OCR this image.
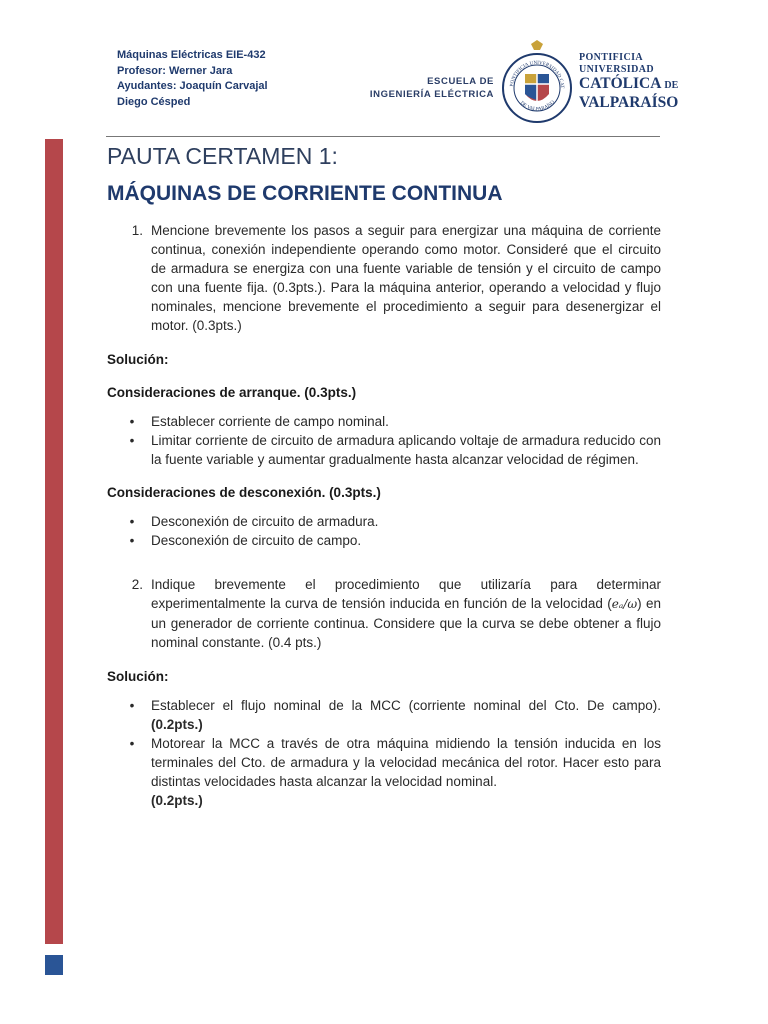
Máquinas Eléctricas EIE-432
Profesor: Werner Jara
Ayudantes: Joaquín Carvajal
Diego Césped
ESCUELA DE
INGENIERÍA ELÉCTRICA
PONTIFICIA UNIVERSIDAD CAT
DE VALPARAÍSO
PONTIFICIA
UNIVERSIDAD
CATÓLICA DE
VALPARAÍSO
PAUTA CERTAMEN 1:
MÁQUINAS DE CORRIENTE CONTINUA
1. Mencione brevemente los pasos a seguir para energizar una máquina de corriente continua, conexión independiente operando como motor. Consideré que el circuito de armadura se energiza con una fuente variable de tensión y el circuito de campo con una fuente fija. (0.3pts.). Para la máquina anterior, operando a velocidad y flujo nominales, mencione brevemente el procedimiento a seguir para desenergizar el motor. (0.3pts.)
Solución:
Consideraciones de arranque. (0.3pts.)
•	Establecer corriente de campo nominal.
•	Limitar corriente de circuito de armadura aplicando voltaje de armadura reducido con la fuente variable y aumentar gradualmente hasta alcanzar velocidad de régimen.
Consideraciones de desconexión. (0.3pts.)
•	Desconexión de circuito de armadura.
•	Desconexión de circuito de campo.
2. Indique brevemente el procedimiento que utilizaría para determinar experimentalmente la curva de tensión inducida en función de la velocidad (eₐ/ω) en un generador de corriente continua. Considere que la curva se debe obtener a flujo nominal constante. (0.4 pts.)
Solución:
•	Establecer el flujo nominal de la MCC (corriente nominal del Cto. De campo). (0.2pts.)
•	Motorear la MCC a través de otra máquina midiendo la tensión inducida en los terminales del Cto. de armadura y la velocidad mecánica del rotor. Hacer esto para distintas velocidades hasta alcanzar la velocidad nominal.
(0.2pts.)
